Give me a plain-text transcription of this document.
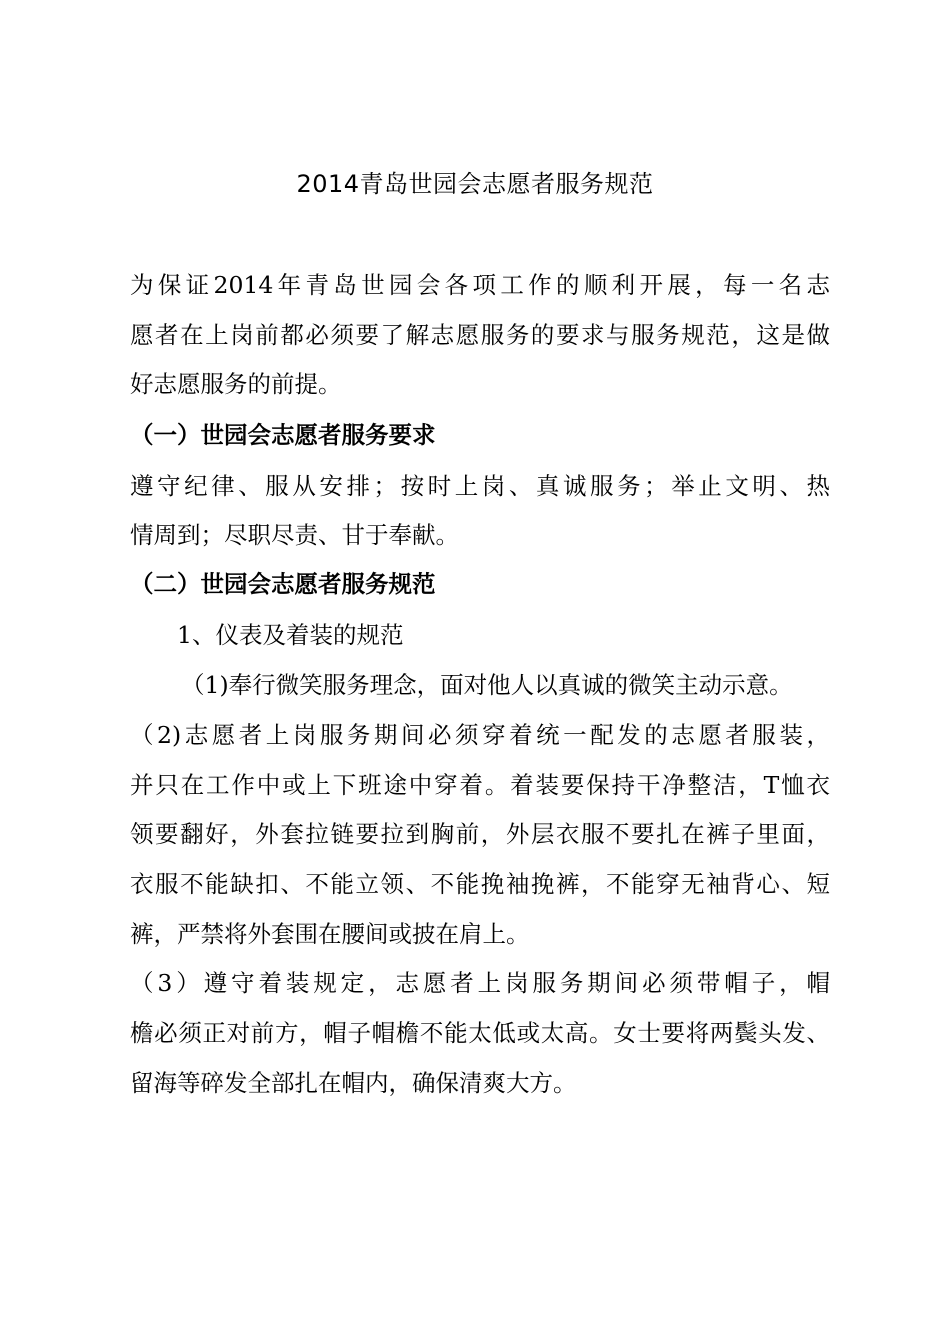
2014青岛世园会志愿者服务规范
为保证2014年青岛世园会各项工作的顺利开展，每一名志
愿者在上岗前都必须要了解志愿服务的要求与服务规范，这是做
好志愿服务的前提。
（一）世园会志愿者服务要求
遵守纪律、服从安排；按时上岗、真诚服务；举止文明、热
情周到；尽职尽责、甘于奉献。
（二）世园会志愿者服务规范
1、仪表及着装的规范
（1)奉行微笑服务理念，面对他人以真诚的微笑主动示意。
（2)志愿者上岗服务期间必须穿着统一配发的志愿者服装，
并只在工作中或上下班途中穿着。着装要保持干净整洁，T恤衣
领要翻好，外套拉链要拉到胸前，外层衣服不要扎在裤子里面，
衣服不能缺扣、不能立领、不能挽袖挽裤，不能穿无袖背心、短
裤，严禁将外套围在腰间或披在肩上。
（3）遵守着装规定，志愿者上岗服务期间必须带帽子，帽
檐必须正对前方，帽子帽檐不能太低或太高。女士要将两鬓头发、
留海等碎发全部扎在帽内，确保清爽大方。
